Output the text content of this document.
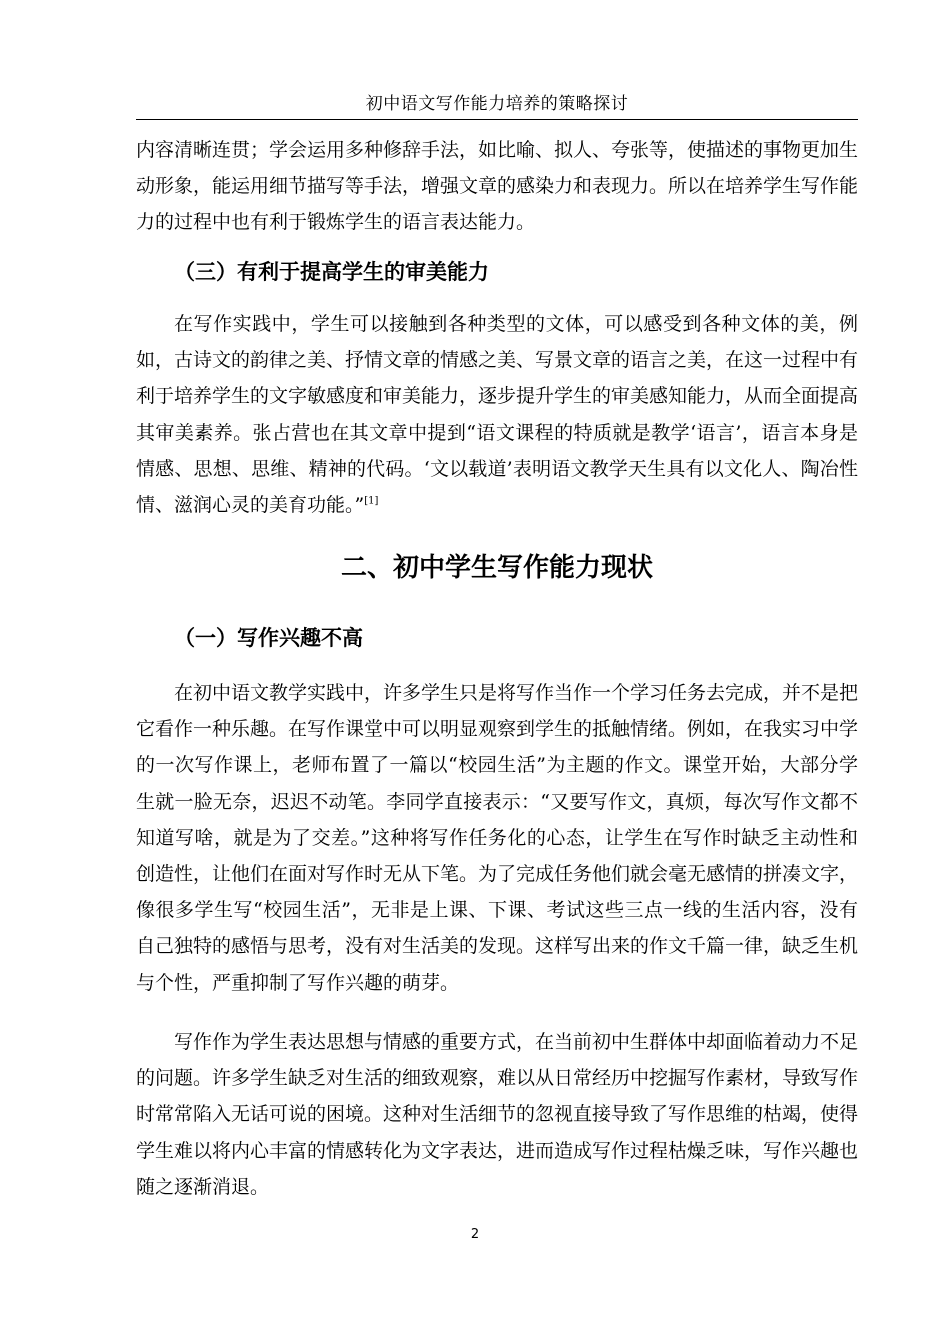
初中语文写作能力培养的策略探讨

内容清晰连贯；学会运用多种修辞手法，如比喻、拟人、夸张等，使描述的事物更加生动形象，能运用细节描写等手法，增强文章的感染力和表现力。所以在培养学生写作能力的过程中也有利于锻炼学生的语言表达能力。

（三）有利于提高学生的审美能力

在写作实践中，学生可以接触到各种类型的文体，可以感受到各种文体的美，例如，古诗文的韵律之美、抒情文章的情感之美、写景文章的语言之美，在这一过程中有利于培养学生的文字敏感度和审美能力，逐步提升学生的审美感知能力，从而全面提高其审美素养。张占营也在其文章中提到“语文课程的特质就是教学‘语言’，语言本身是情感、思想、思维、精神的代码。‘文以载道’表明语文教学天生具有以文化人、陶冶性情、滋润心灵的美育功能。”[1]

二、初中学生写作能力现状
（一）写作兴趣不高

在初中语文教学实践中，许多学生只是将写作当作一个学习任务去完成，并不是把它看作一种乐趣。在写作课堂中可以明显观察到学生的抵触情绪。例如，在我实习中学的一次写作课上，老师布置了一篇以“校园生活”为主题的作文。课堂开始，大部分学生就一脸无奈，迟迟不动笔。李同学直接表示：“又要写作文，真烦，每次写作文都不知道写啥，就是为了交差。”这种将写作任务化的心态，让学生在写作时缺乏主动性和创造性，让他们在面对写作时无从下笔。为了完成任务他们就会毫无感情的拼凑文字，像很多学生写“校园生活”，无非是上课、下课、考试这些三点一线的生活内容，没有自己独特的感悟与思考，没有对生活美的发现。这样写出来的作文千篇一律，缺乏生机与个性，严重抑制了写作兴趣的萌芽。

写作作为学生表达思想与情感的重要方式，在当前初中生群体中却面临着动力不足的问题。许多学生缺乏对生活的细致观察，难以从日常经历中挖掘写作素材，导致写作时常常陷入无话可说的困境。这种对生活细节的忽视直接导致了写作思维的枯竭，使得学生难以将内心丰富的情感转化为文字表达，进而造成写作过程枯燥乏味，写作兴趣也随之逐渐消退。

2
